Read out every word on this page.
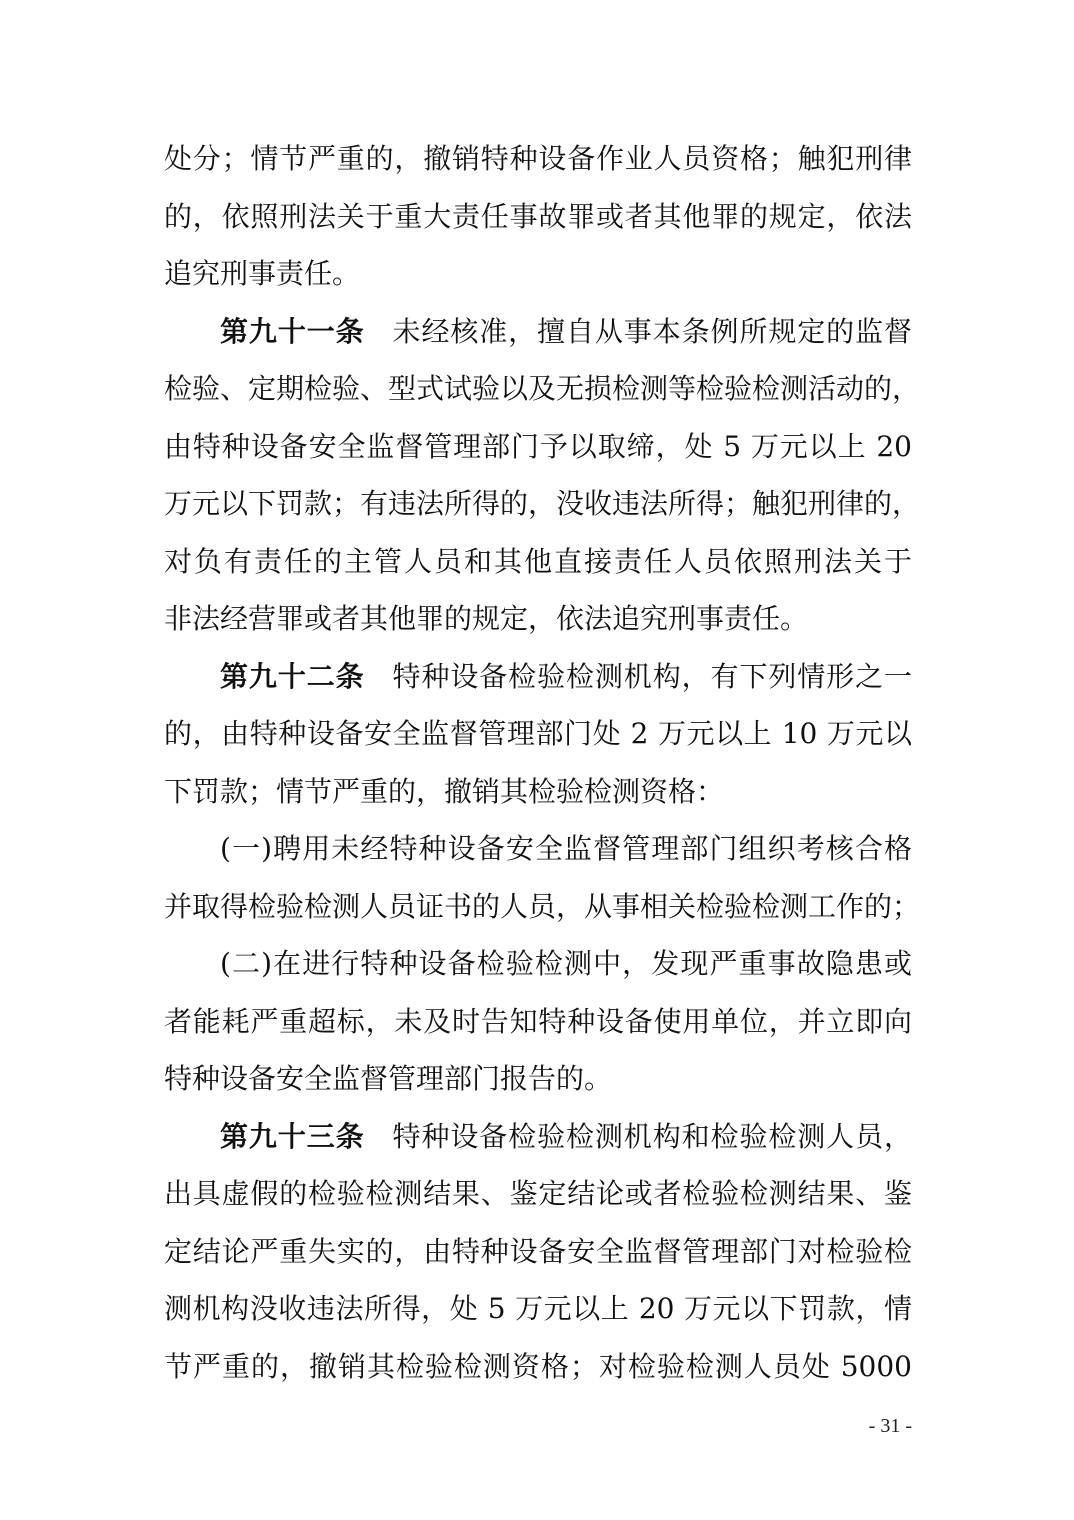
处分；情节严重的，撤销特种设备作业人员资格；触犯刑律
的，依照刑法关于重大责任事故罪或者其他罪的规定，依法
追究刑事责任。
第九十一条 未经核准，擅自从事本条例所规定的监督
检验、定期检验、型式试验以及无损检测等检验检测活动的，
由特种设备安全监督管理部门予以取缔，处 5 万元以上 20
万元以下罚款；有违法所得的，没收违法所得；触犯刑律的，
对负有责任的主管人员和其他直接责任人员依照刑法关于
非法经营罪或者其他罪的规定，依法追究刑事责任。
第九十二条 特种设备检验检测机构，有下列情形之一
的，由特种设备安全监督管理部门处 2 万元以上 10 万元以
下罚款；情节严重的，撤销其检验检测资格：
(一)聘用未经特种设备安全监督管理部门组织考核合格
并取得检验检测人员证书的人员，从事相关检验检测工作的；
(二)在进行特种设备检验检测中，发现严重事故隐患或
者能耗严重超标，未及时告知特种设备使用单位，并立即向
特种设备安全监督管理部门报告的。
第九十三条 特种设备检验检测机构和检验检测人员，
出具虚假的检验检测结果、鉴定结论或者检验检测结果、鉴
定结论严重失实的，由特种设备安全监督管理部门对检验检
测机构没收违法所得，处 5 万元以上 20 万元以下罚款，情
节严重的，撤销其检验检测资格；对检验检测人员处 5000
- 31 -
